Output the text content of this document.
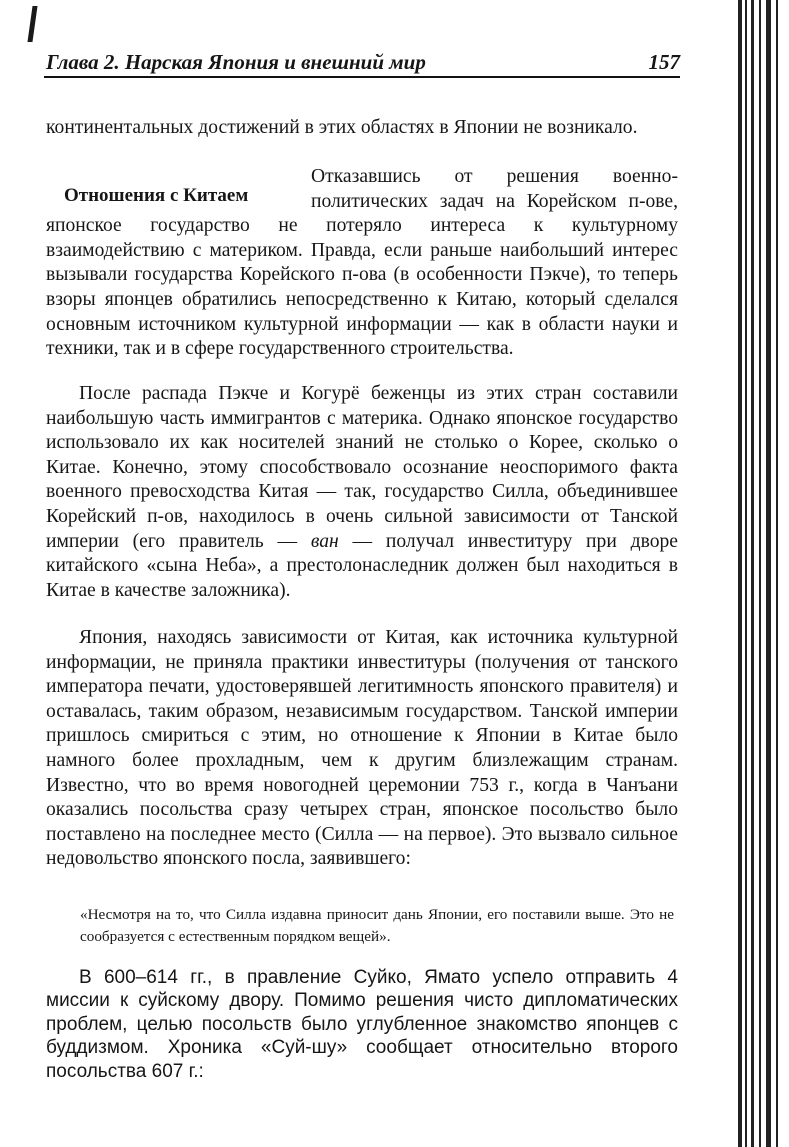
Глава 2. Нарская Япония и внешний мир	157

континентальных достижений в этих областях в Японии не возникало.

Отношения с Китаем

Отказавшись от решения военно-политических задач на Корейском п-ове, японское государство не потеряло интереса к культурному взаимодействию с материком. Правда, если раньше наибольший интерес вызывали государства Корейского п-ова (в особенности Пэкче), то теперь взоры японцев обратились непосредственно к Китаю, который сделался основным источником культурной информации — как в области науки и техники, так и в сфере государственного строительства.

После распада Пэкче и Когурё беженцы из этих стран составили наибольшую часть иммигрантов с материка. Однако японское государство использовало их как носителей знаний не столько о Корее, сколько о Китае. Конечно, этому способствовало осознание неоспоримого факта военного превосходства Китая — так, государство Силла, объединившее Корейский п-ов, находилось в очень сильной зависимости от Танской империи (его правитель — ван — получал инвеституру при дворе китайского «сына Неба», а престолонаследник должен был находиться в Китае в качестве заложника).

Япония, находясь зависимости от Китая, как источника культурной информации, не приняла практики инвеституры (получения от танского императора печати, удостоверявшей легитимность японского правителя) и оставалась, таким образом, независимым государством. Танской империи пришлось смириться с этим, но отношение к Японии в Китае было намного более прохладным, чем к другим близлежащим странам. Известно, что во время новогодней церемонии 753 г., когда в Чанъани оказались посольства сразу четырех стран, японское посольство было поставлено на последнее место (Силла — на первое). Это вызвало сильное недовольство японского посла, заявившего:

«Несмотря на то, что Силла издавна приносит дань Японии, его поставили выше. Это не сообразуется с естественным порядком вещей».

В 600–614 гг., в правление Суйко, Ямато успело отправить 4 миссии к суйскому двору. Помимо решения чисто дипломатических проблем, целью посольств было углубленное знакомство японцев с буддизмом. Хроника «Суй-шу» сообщает относительно второго посольства 607 г.:
